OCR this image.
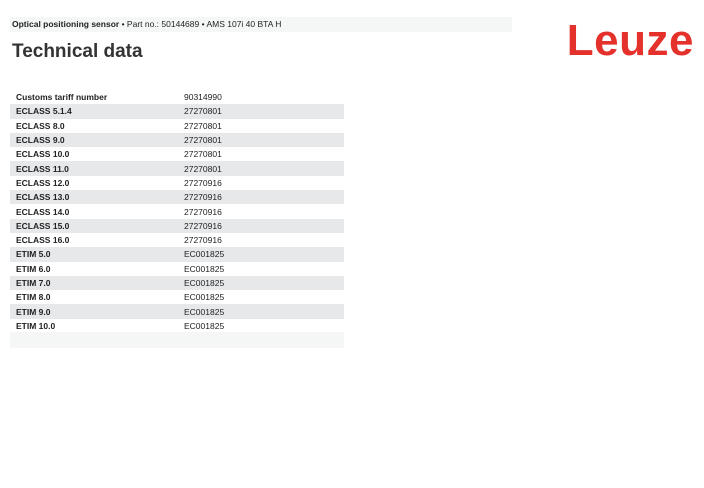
Optical positioning sensor • Part no.: 50144689 • AMS 107i 40 BTA H
Technical data	Leuze
Customs tariff number	90314990
ECLASS 5.1.4	27270801
ECLASS 8.0	27270801
ECLASS 9.0	27270801
ECLASS 10.0	27270801
ECLASS 11.0	27270801
ECLASS 12.0	27270916
ECLASS 13.0	27270916
ECLASS 14.0	27270916
ECLASS 15.0	27270916
ECLASS 16.0	27270916
ETIM 5.0	EC001825
ETIM 6.0	EC001825
ETIM 7.0	EC001825
ETIM 8.0	EC001825
ETIM 9.0	EC001825
ETIM 10.0	EC001825
